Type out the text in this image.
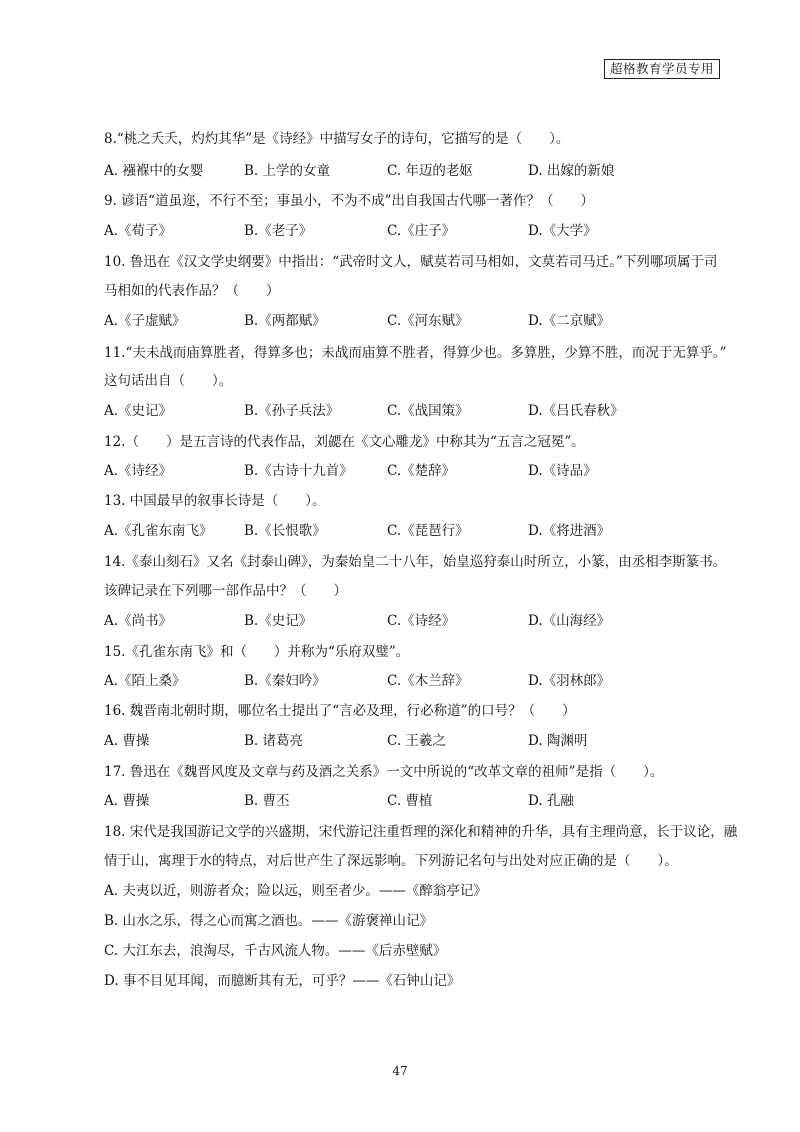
超格教育学员专用
8.“桃之夭夭，灼灼其华”是《诗经》中描写女子的诗句，它描写的是（　　）。
A. 襁褓中的女婴	B. 上学的女童	C. 年迈的老妪	D. 出嫁的新娘
9. 谚语“道虽迩，不行不至；事虽小，不为不成”出自我国古代哪一著作？（　　）
A.《荀子》	B.《老子》	C.《庄子》	D.《大学》
10. 鲁迅在《汉文学史纲要》中指出：“武帝时文人，赋莫若司马相如，文莫若司马迁。”下列哪项属于司
马相如的代表作品？（　　）
A.《子虚赋》	B.《两都赋》	C.《河东赋》	D.《二京赋》
11.“夫未战而庙算胜者，得算多也；未战而庙算不胜者，得算少也。多算胜，少算不胜，而况于无算乎。”
这句话出自（　　）。
A.《史记》	B.《孙子兵法》	C.《战国策》	D.《吕氏春秋》
12.（　　）是五言诗的代表作品，刘勰在《文心雕龙》中称其为“五言之冠冕”。
A.《诗经》	B.《古诗十九首》	C.《楚辞》	D.《诗品》
13. 中国最早的叙事长诗是（　　）。
A.《孔雀东南飞》 B.《长恨歌》	C.《琵琶行》	D.《将进酒》
14.《泰山刻石》又名《封泰山碑》，为秦始皇二十八年，始皇巡狩泰山时所立，小篆，由丞相李斯篆书。
该碑记录在下列哪一部作品中？（　　）
A.《尚书》	B.《史记》	C.《诗经》	D.《山海经》
15.《孔雀东南飞》和（　　）并称为“乐府双璧”。
A.《陌上桑》	B.《秦妇吟》	C.《木兰辞》	D.《羽林郎》
16. 魏晋南北朝时期，哪位名士提出了“言必及理，行必称道”的口号？（　　）
A. 曹操	B. 诸葛亮	C. 王羲之	D. 陶渊明
17. 鲁迅在《魏晋风度及文章与药及酒之关系》一文中所说的“改革文章的祖师”是指（　　）。
A. 曹操	B. 曹丕	C. 曹植	D. 孔融
18. 宋代是我国游记文学的兴盛期，宋代游记注重哲理的深化和精神的升华，具有主理尚意，长于议论，融
情于山，寓理于水的特点，对后世产生了深远影响。下列游记名句与出处对应正确的是（　　）。
A. 夫夷以近，则游者众；险以远，则至者少。——《醉翁亭记》
B. 山水之乐，得之心而寓之酒也。——《游褒禅山记》
C. 大江东去，浪淘尽，千古风流人物。——《后赤壁赋》
D. 事不目见耳闻，而臆断其有无，可乎？——《石钟山记》
47
